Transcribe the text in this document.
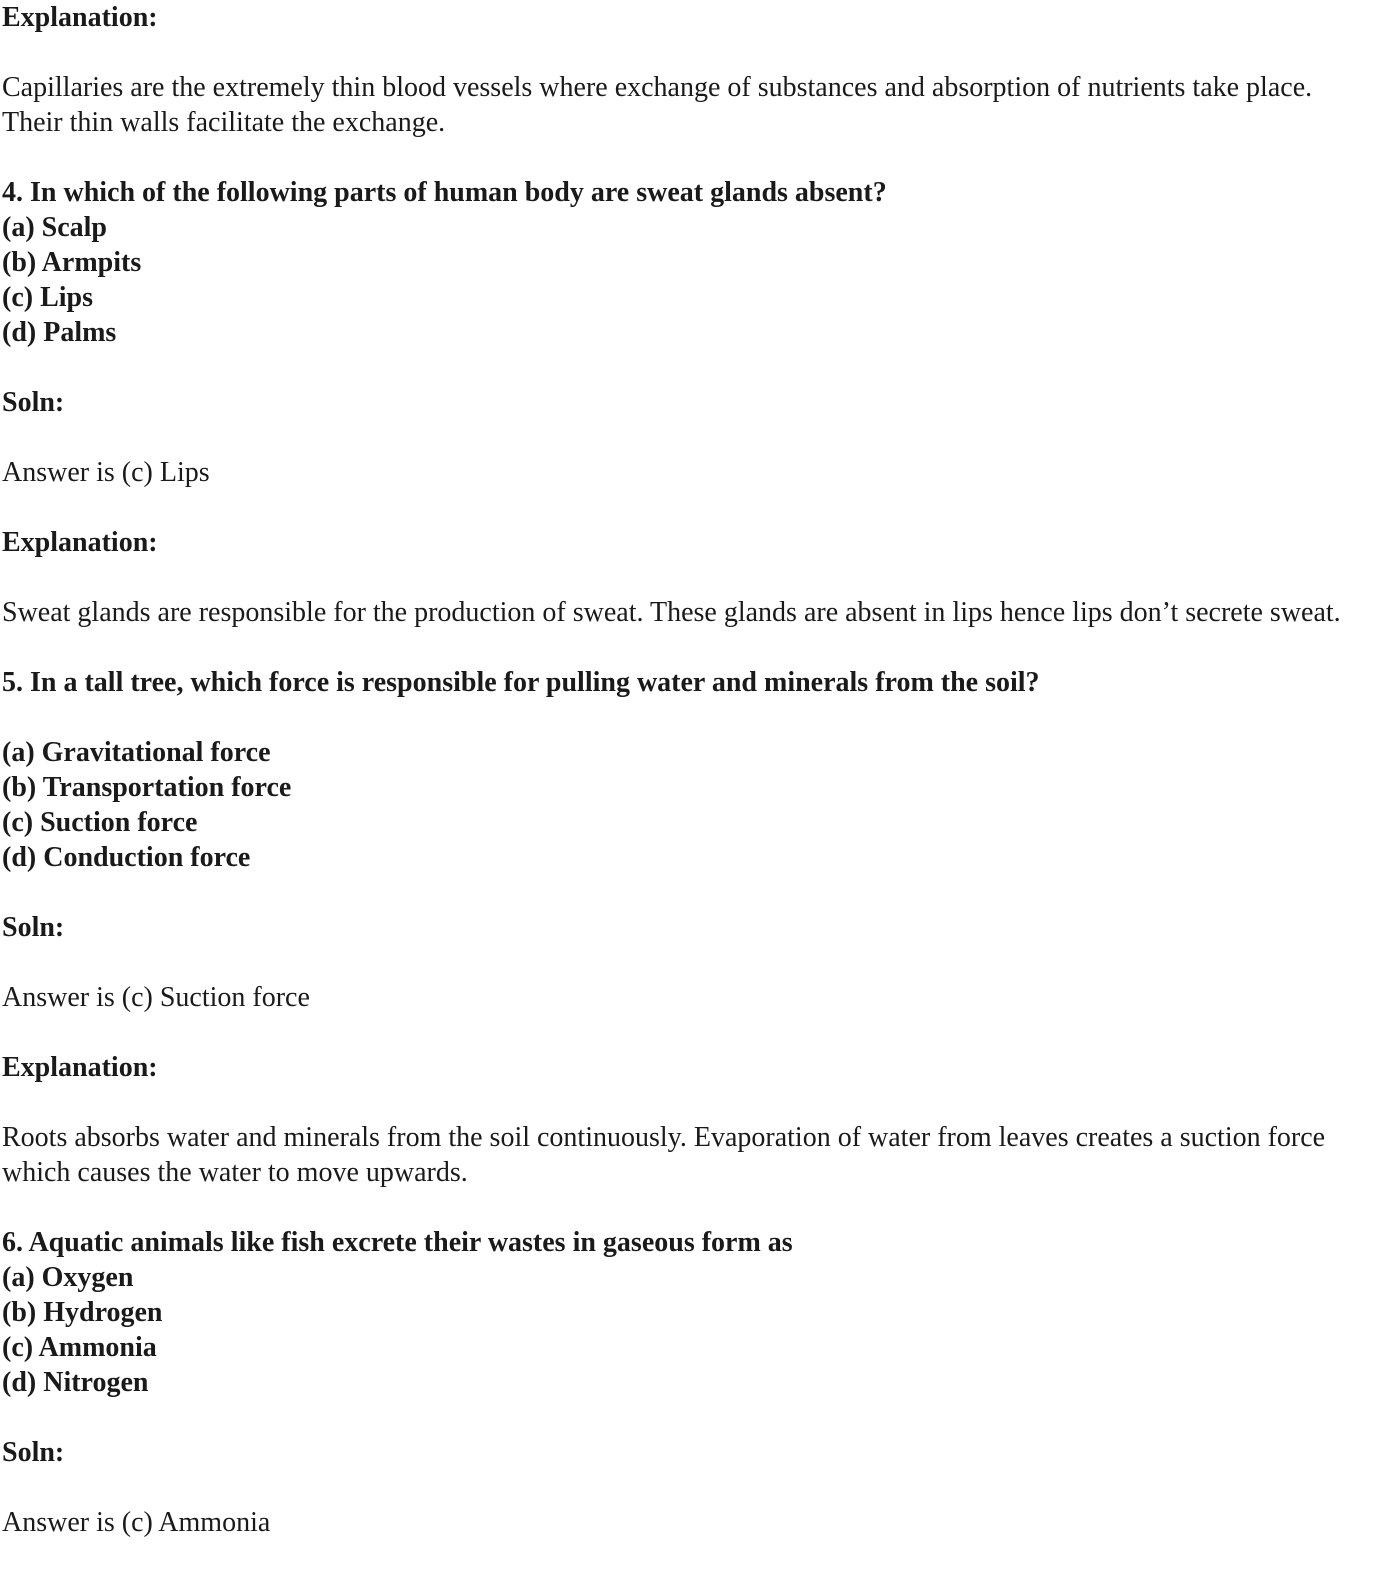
Explanation:
Capillaries are the extremely thin blood vessels where exchange of substances and absorption of nutrients take place. Their thin walls facilitate the exchange.
4. In which of the following parts of human body are sweat glands absent?
(a) Scalp
(b) Armpits
(c) Lips
(d) Palms
Soln:
Answer is (c) Lips
Explanation:
Sweat glands are responsible for the production of sweat. These glands are absent in lips hence lips don’t secrete sweat.
5. In a tall tree, which force is responsible for pulling water and minerals from the soil?
(a) Gravitational force
(b) Transportation force
(c) Suction force
(d) Conduction force
Soln:
Answer is (c) Suction force
Explanation:
Roots absorbs water and minerals from the soil continuously. Evaporation of water from leaves creates a suction force which causes the water to move upwards.
6. Aquatic animals like fish excrete their wastes in gaseous form as
(a) Oxygen
(b) Hydrogen
(c) Ammonia
(d) Nitrogen
Soln:
Answer is (c) Ammonia
